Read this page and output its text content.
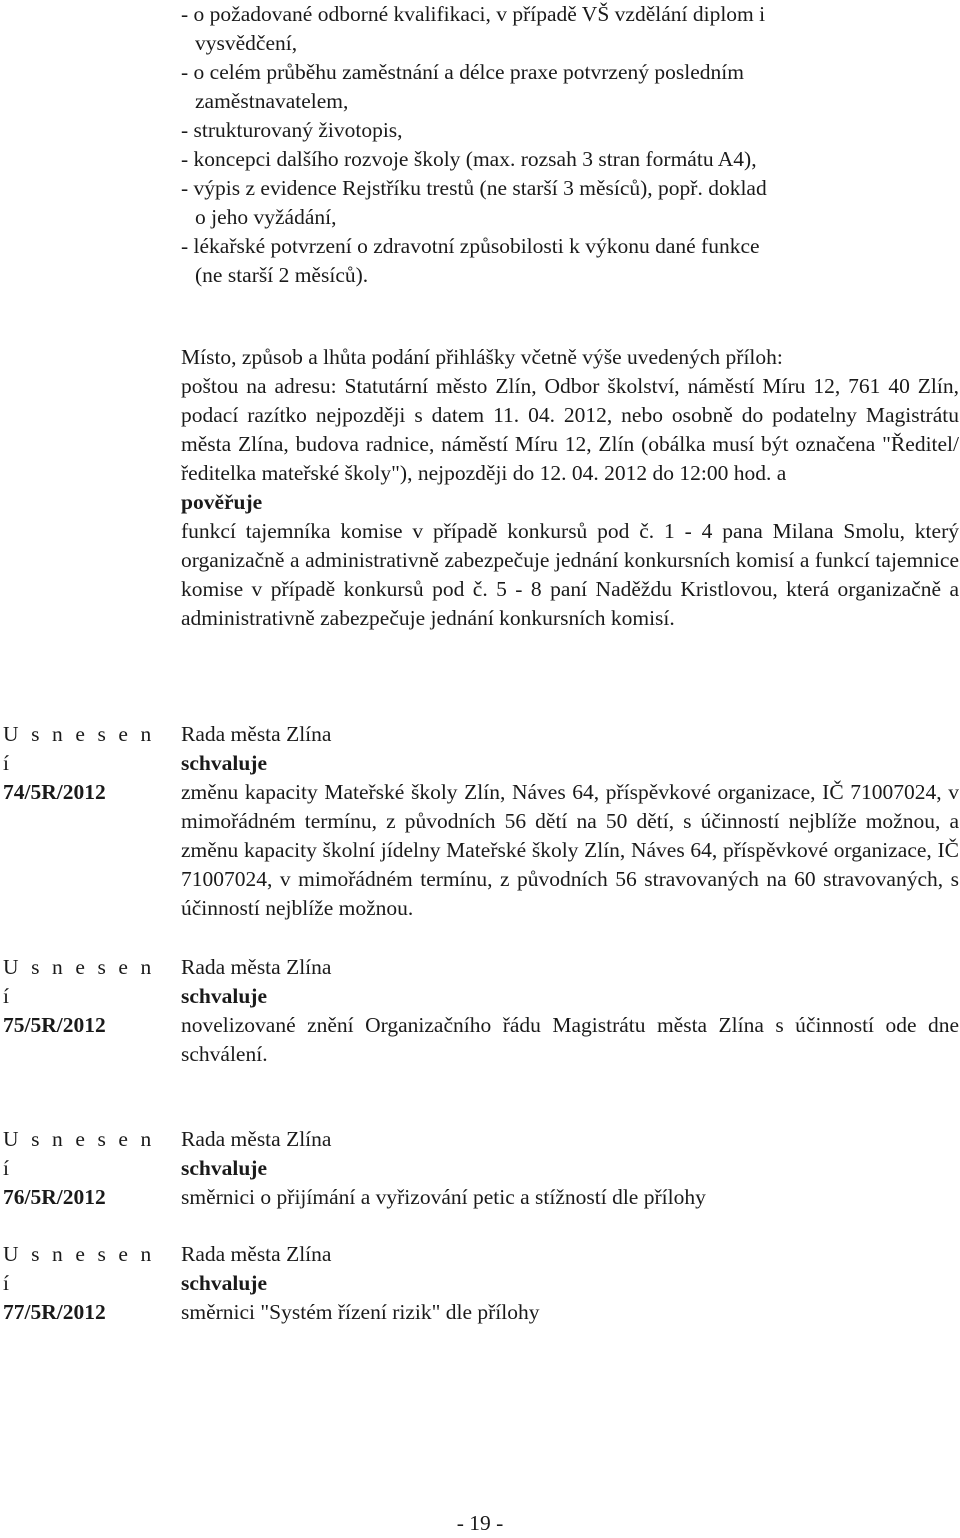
- o požadované odborné kvalifikaci, v případě VŠ vzdělání diplom i vysvědčení,
- o celém průběhu zaměstnání a délce praxe potvrzený posledním zaměstnavatelem,
- strukturovaný životopis,
- koncepci dalšího rozvoje školy (max. rozsah 3 stran formátu A4),
- výpis z evidence Rejstříku trestů (ne starší 3 měsíců), popř. doklad o jeho vyžádání,
- lékařské potvrzení o zdravotní způsobilosti k výkonu dané funkce (ne starší 2 měsíců).
Místo, způsob a lhůta podání přihlášky včetně výše uvedených příloh:
poštou na adresu: Statutární město Zlín, Odbor školství, náměstí Míru 12, 761 40 Zlín, podací razítko nejpozději s datem 11. 04. 2012, nebo osobně do podatelny Magistrátu města Zlína, budova radnice, náměstí Míru 12, Zlín (obálka musí být označena "Ředitel/ředitelka mateřské školy"), nejpozději do 12. 04. 2012 do 12:00 hod. a
pověřuje
funkcí tajemníka komise v případě konkursů pod č. 1 - 4 pana Milana Smolu, který organizačně a administrativně zabezpečuje jednání konkursních komisí a funkcí tajemnice komise v případě konkursů pod č. 5 - 8 paní Naděždu Kristlovou, která organizačně a administrativně zabezpečuje jednání konkursních komisí.
U s n e s e n í
74/5R/2012
Rada města Zlína
schvaluje
změnu kapacity Mateřské školy Zlín, Náves 64, příspěvkové organizace, IČ 71007024, v mimořádném termínu, z původních 56 dětí na 50 dětí, s účinností nejblíže možnou, a změnu kapacity školní jídelny Mateřské školy Zlín, Náves 64, příspěvkové organizace, IČ 71007024, v mimořádném termínu, z původních 56 stravovaných na 60 stravovaných, s účinností nejblíže možnou.
U s n e s e n í
75/5R/2012
Rada města Zlína
schvaluje
novelizované znění Organizačního řádu Magistrátu města Zlína s účinností ode dne schválení.
U s n e s e n í
76/5R/2012
Rada města Zlína
schvaluje
směrnici o přijímání a vyřizování petic a stížností dle přílohy
U s n e s e n í
77/5R/2012
Rada města Zlína
schvaluje
směrnici "Systém řízení rizik" dle přílohy
- 19 -
